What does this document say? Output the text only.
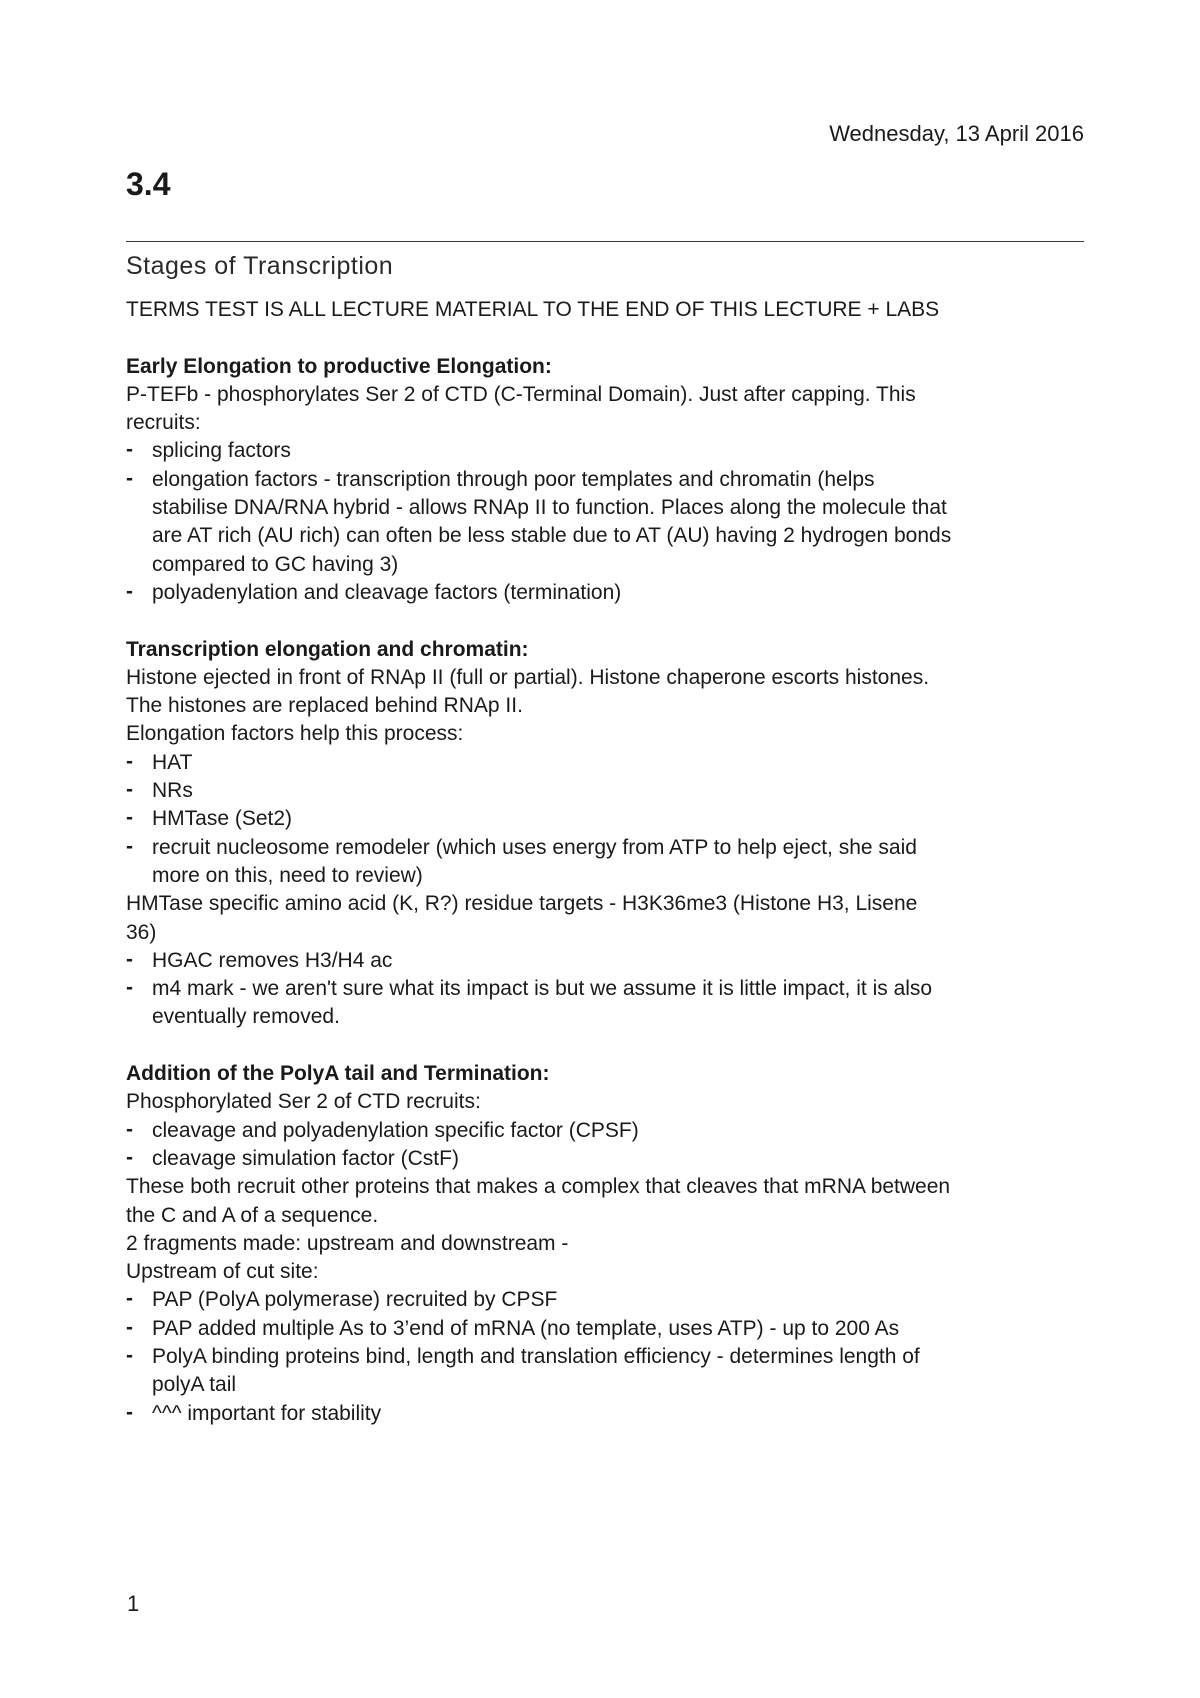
Wednesday, 13 April 2016
3.4
Stages of Transcription

TERMS TEST IS ALL LECTURE MATERIAL TO THE END OF THIS LECTURE + LABS

Early Elongation to productive Elongation:

P-TEFb - phosphorylates Ser 2 of CTD (C-Terminal Domain). Just after capping. This

recruits:

- splicing factors
- elongation factors - transcription through poor templates and chromatin (helps
stabilise DNA/RNA hybrid - allows RNAp II to function. Places along the molecule that
are AT rich (AU rich) can often be less stable due to AT (AU) having 2 hydrogen bonds
compared to GC having 3)
- polyadenylation and cleavage factors (termination)

Transcription elongation and chromatin:

Histone ejected in front of RNAp II (full or partial). Histone chaperone escorts histones.

The histones are replaced behind RNAp II.

Elongation factors help this process:

- HAT
- NRs
- HMTase (Set2)
- recruit nucleosome remodeler (which uses energy from ATP to help eject, she said
more on this, need to review)

HMTase specific amino acid (K, R?) residue targets - H3K36me3 (Histone H3, Lisene

36)

- HGAC removes H3/H4 ac
- m4 mark - we aren't sure what its impact is but we assume it is little impact, it is also
eventually removed.

Addition of the PolyA tail and Termination:

Phosphorylated Ser 2 of CTD recruits:

- cleavage and polyadenylation specific factor (CPSF)
- cleavage simulation factor (CstF)

These both recruit other proteins that makes a complex that cleaves that mRNA between

the C and A of a sequence.

2 fragments made: upstream and downstream -

Upstream of cut site:

- PAP (PolyA polymerase) recruited by CPSF
- PAP added multiple As to 3’end of mRNA (no template, uses ATP) - up to 200 As
- PolyA binding proteins bind, length and translation efficiency - determines length of
polyA tail
- ^^^ important for stability
1
